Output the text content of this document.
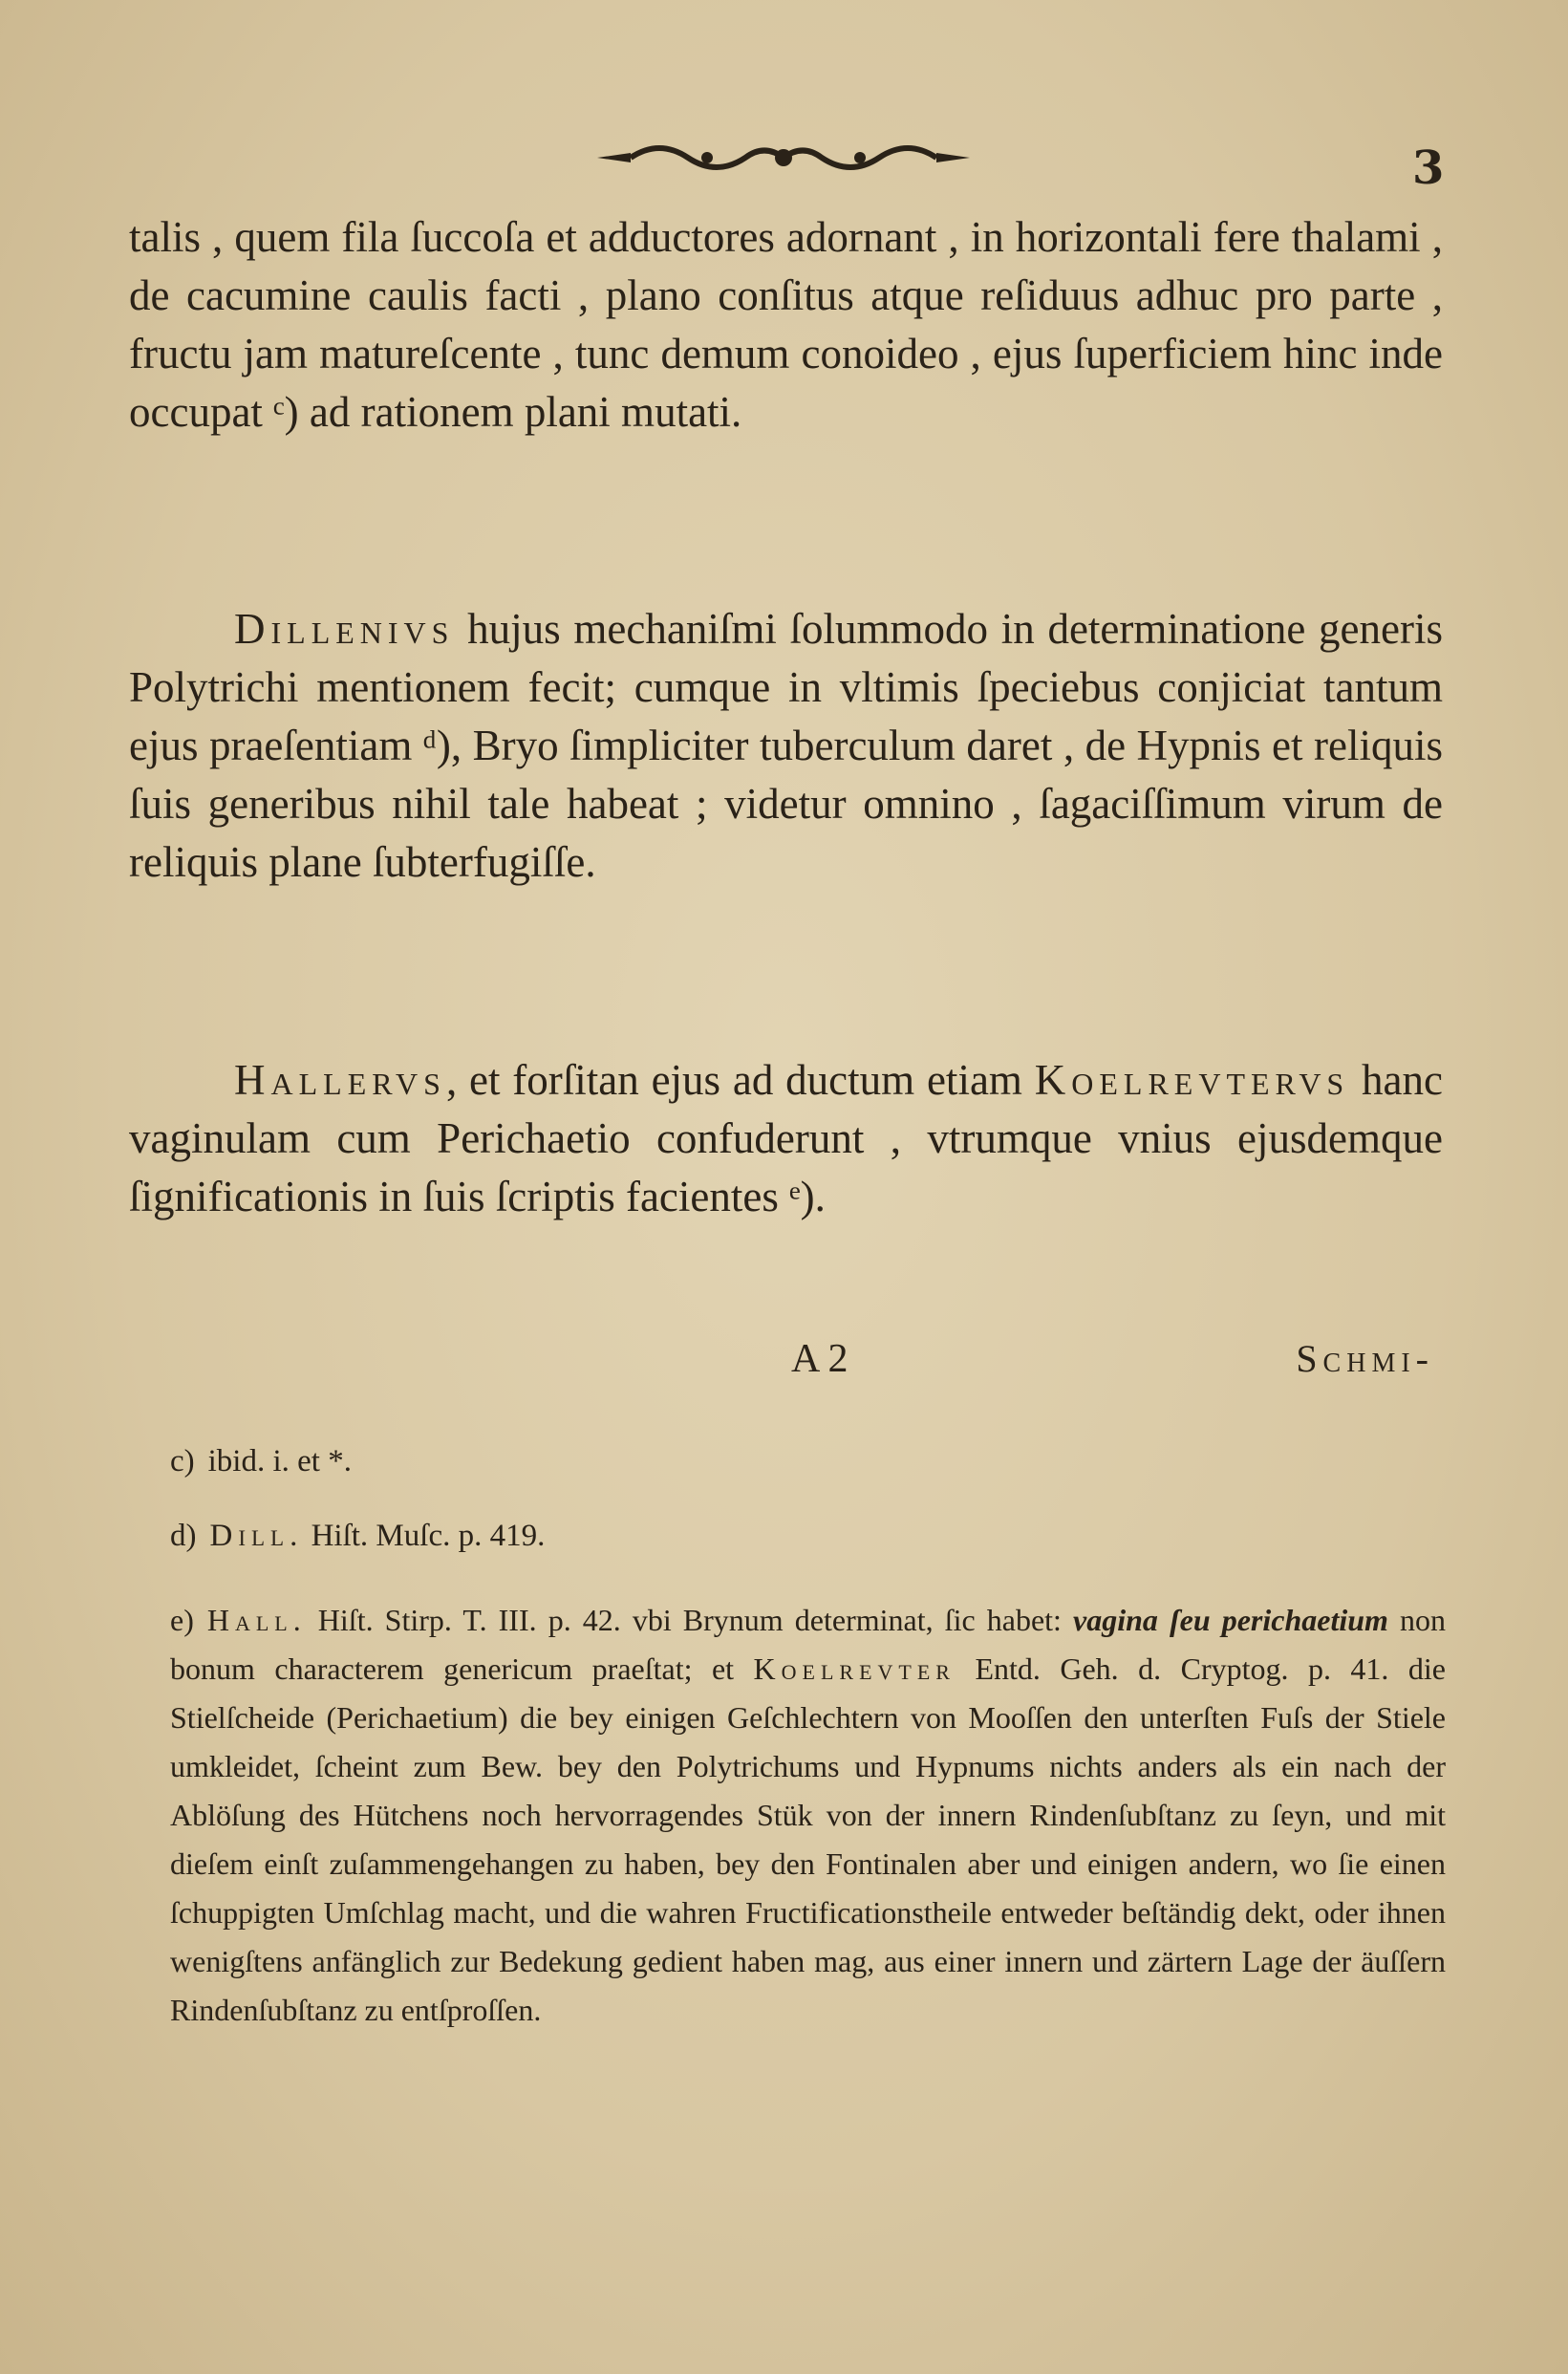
3

talis , quem fila ſuccoſa et adductores adornant , in horizontali fere thalami , de cacumine caulis facti , plano conſitus atque reſiduus adhuc pro parte , fructu jam matureſcente , tunc demum conoideo , ejus ſuperficiem hinc inde occupat ᶜ) ad rationem plani mutati.

Dillenivs hujus mechaniſmi ſolummodo in determinatione generis Polytrichi mentionem fecit; cumque in vltimis ſpeciebus conjiciat tantum ejus praeſentiam ᵈ), Bryo ſimpliciter tuberculum daret , de Hypnis et reliquis ſuis generibus nihil tale habeat ; videtur omnino , ſagaciſſimum virum de reliquis plane ſubterfugiſſe.

Hallervs, et forſitan ejus ad ductum etiam Koelrevtervs hanc vaginulam cum Perichaetio confuderunt , vtrumque vnius ejusdemque ſignificationis in ſuis ſcriptis facientes ᵉ).

A 2	Schmi-

c) ibid. i. et *.

d) Dill. Hiſt. Muſc. p. 419.

e) Hall. Hiſt. Stirp. T. III. p. 42. vbi Brynum determinat, ſic habet: vagina ſeu perichaetium non bonum characterem genericum praeſtat; et Koelrevter Entd. Geh. d. Cryptog. p. 41. die Stielſcheide (Perichaetium) die bey einigen Geſchlechtern von Mooſſen den unterſten Fuſs der Stiele umkleidet, ſcheint zum Bew. bey den Polytrichums und Hypnums nichts anders als ein nach der Ablöſung des Hütchens noch hervorragendes Stük von der innern Rindenſubſtanz zu ſeyn, und mit dieſem einſt zuſammengehangen zu haben, bey den Fontinalen aber und einigen andern, wo ſie einen ſchuppigten Umſchlag macht, und die wahren Fructificationstheile entweder beſtändig dekt, oder ihnen wenigſtens anfänglich zur Bedekung gedient haben mag, aus einer innern und zärtern Lage der äuſſern Rindenſubſtanz zu entſproſſen.
